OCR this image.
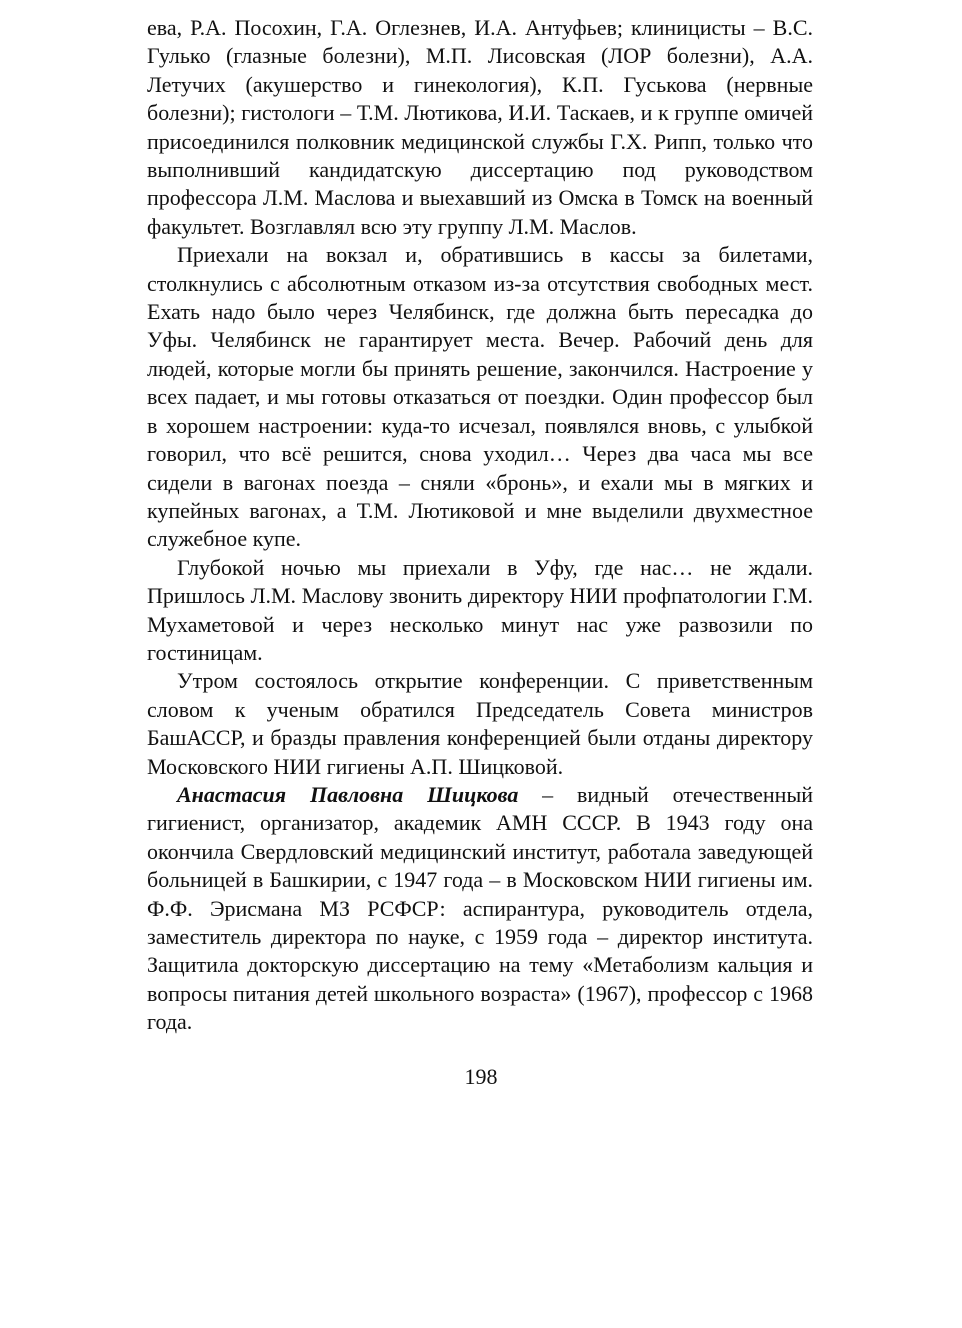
ева, Р.А. Посохин, Г.А. Оглезнев, И.А. Антуфьев; клиницисты – В.С. Гулько (глазные болезни), М.П. Лисовская (ЛОР болезни), А.А. Летучих (акушерство и гинекология), К.П. Гуськова (нервные болезни); гистологи – Т.М. Лютикова, И.И. Таскаев, и к группе омичей присоединился полковник медицинской службы Г.Х. Рипп, только что выполнивший кандидатскую диссертацию под руководством профессора Л.М. Маслова и выехавший из Омска в Томск на военный факультет. Возглавлял всю эту группу Л.М. Маслов.

Приехали на вокзал и, обратившись в кассы за билетами, столкнулись с абсолютным отказом из-за отсутствия свободных мест. Ехать надо было через Челябинск, где должна быть пересадка до Уфы. Челябинск не гарантирует места. Вечер. Рабочий день для людей, которые могли бы принять решение, закончился. Настроение у всех падает, и мы готовы отказаться от поездки. Один профессор был в хорошем настроении: куда-то исчезал, появлялся вновь, с улыбкой говорил, что всё решится, снова уходил… Через два часа мы все сидели в вагонах поезда – сняли «бронь», и ехали мы в мягких и купейных вагонах, а Т.М. Лютиковой и мне выделили двухместное служебное купе.

Глубокой ночью мы приехали в Уфу, где нас… не ждали. Пришлось Л.М. Маслову звонить директору НИИ профпатологии Г.М. Мухаметовой и через несколько минут нас уже развозили по гостиницам.

Утром состоялось открытие конференции. С приветственным словом к ученым обратился Председатель Совета министров БашАССР, и бразды правления конференцией были отданы директору Московского НИИ гигиены А.П. Шицковой.

Анастасия Павловна Шицкова – видный отечественный гигиенист, организатор, академик АМН СССР. В 1943 году она окончила Свердловский медицинский институт, работала заведующей больницей в Башкирии, с 1947 года – в Московском НИИ гигиены им. Ф.Ф. Эрисмана МЗ РСФСР: аспирантура, руководитель отдела, заместитель директора по науке, с 1959 года – директор института. Защитила докторскую диссертацию на тему «Метаболизм кальция и вопросы питания детей школьного возраста» (1967), профессор с 1968 года.

198
